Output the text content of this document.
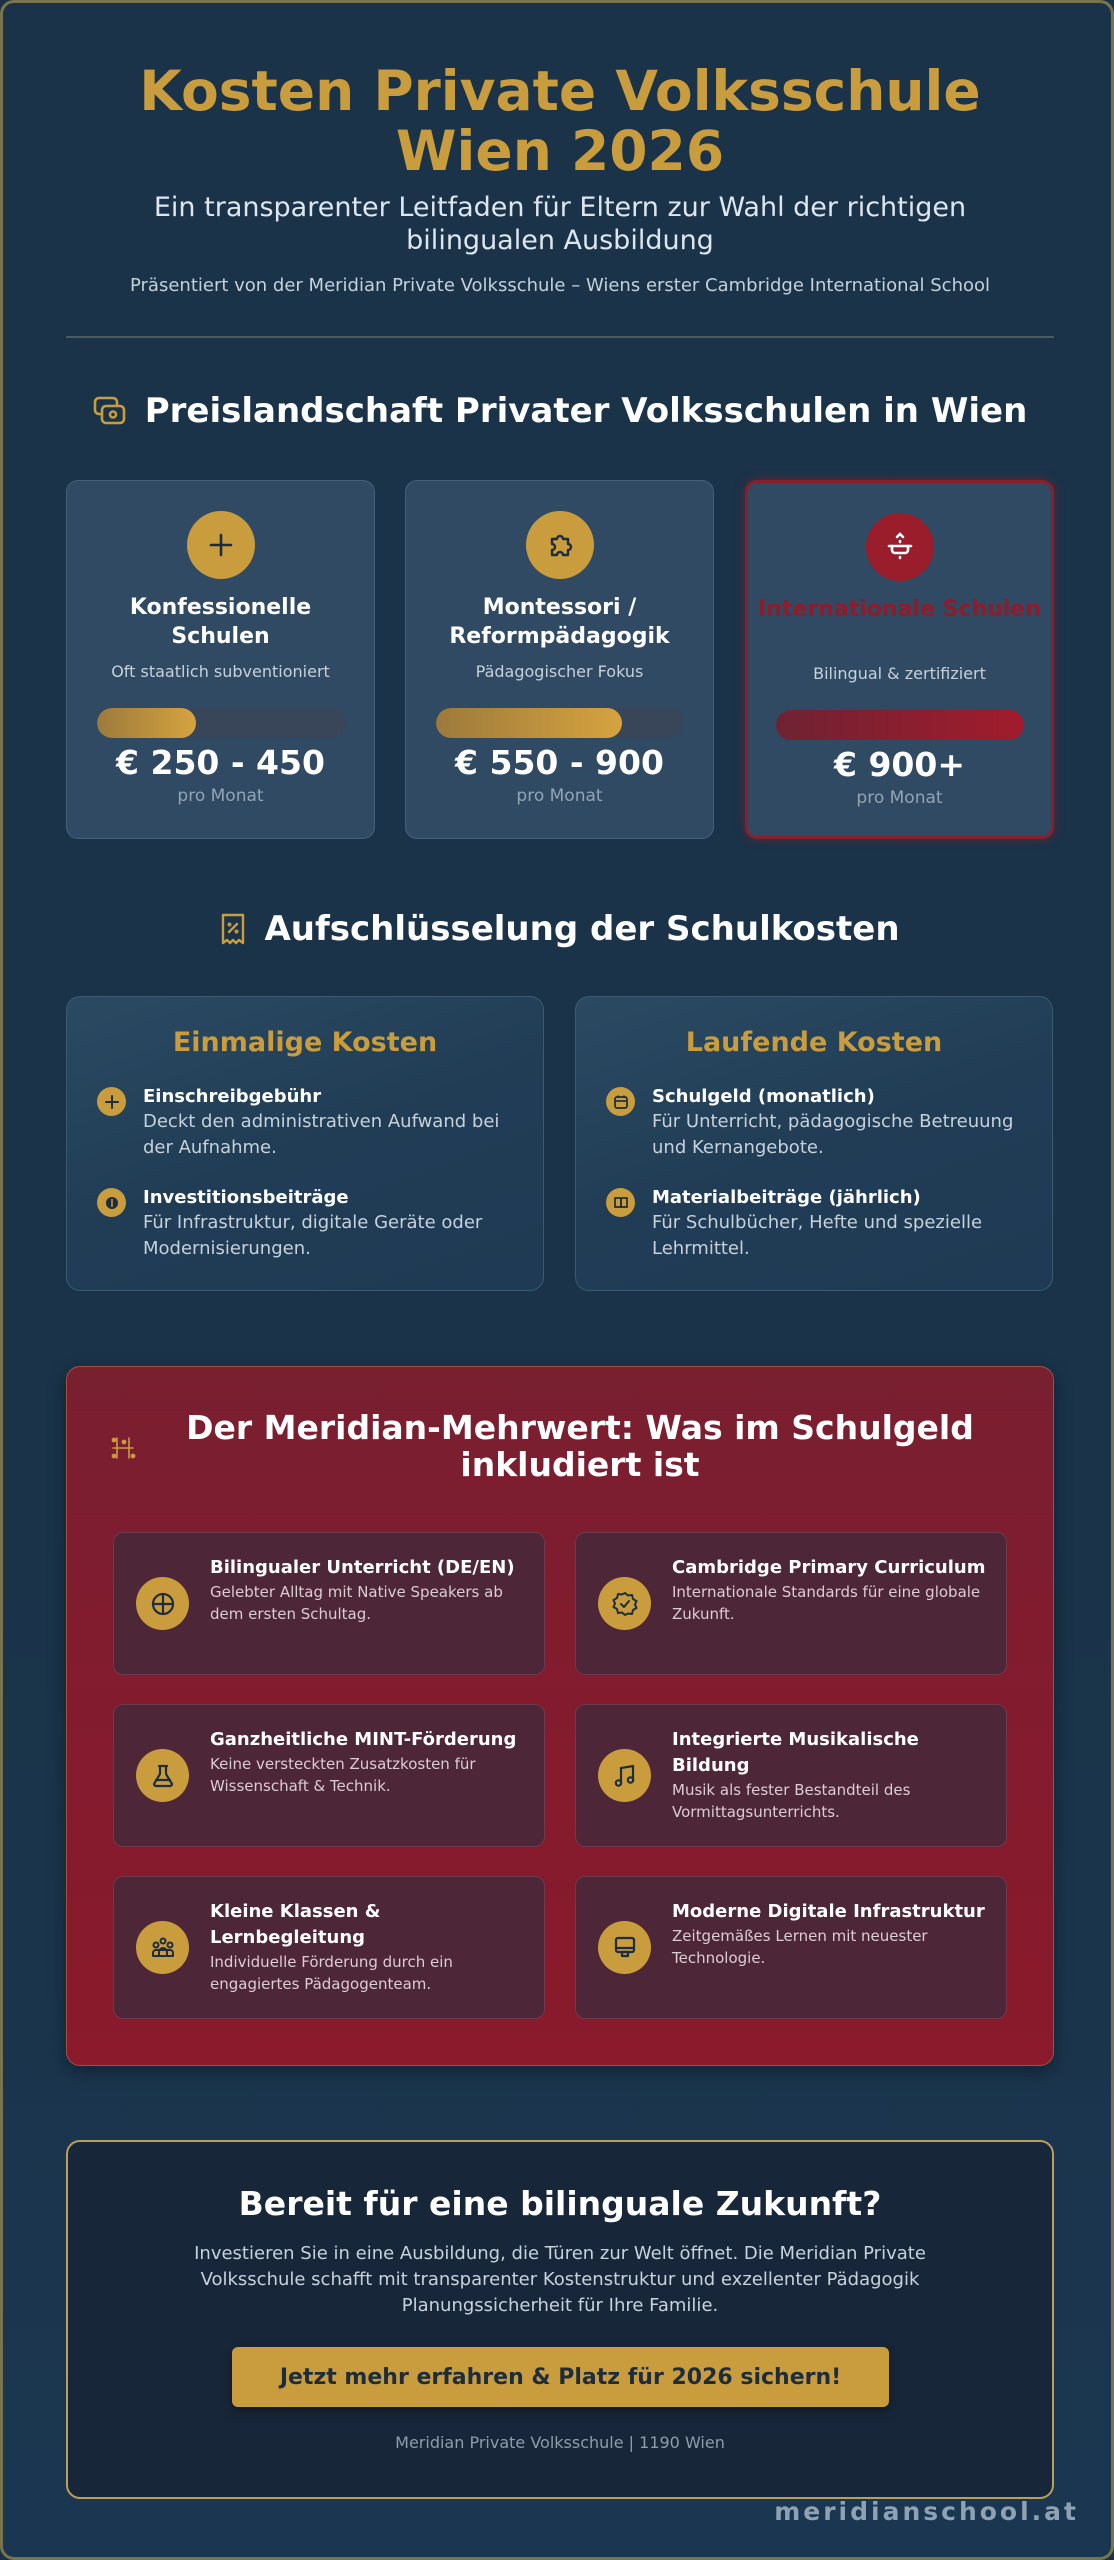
Kosten Private Volksschule Wien 2026

Ein transparenter Leitfaden für Eltern zur Wahl der richtigen bilingualen Ausbildung

Präsentiert von der Meridian Private Volksschule – Wiens erster Cambridge International School

Preislandschaft Privater Volksschulen in Wien
Konfessionelle Schulen
Oft staatlich subventioniert
€ 250 - 450
pro Monat
Montessori / Reformpädagogik
Pädagogischer Fokus
€ 550 - 900
pro Monat
Internationale Schulen
Bilingual & zertifiziert
€ 900+
pro Monat
Aufschlüsselung der Schulkosten
Einmalige Kosten
Einschreibgebühr
Deckt den administrativen Aufwand bei der Aufnahme.
Investitionsbeiträge
Für Infrastruktur, digitale Geräte oder Modernisierungen.
Laufende Kosten
Schulgeld (monatlich)
Für Unterricht, pädagogische Betreuung und Kernangebote.
Materialbeiträge (jährlich)
Für Schulbücher, Hefte und spezielle Lehrmittel.
Der Meridian-Mehrwert: Was im Schulgeld inkludiert ist
Bilingualer Unterricht (DE/EN)
Gelebter Alltag mit Native Speakers ab dem ersten Schultag.
Cambridge Primary Curriculum
Internationale Standards für eine globale Zukunft.
Ganzheitliche MINT-Förderung
Keine versteckten Zusatzkosten für Wissenschaft & Technik.
Integrierte Musikalische Bildung
Musik als fester Bestandteil des Vormittagsunterrichts.
Kleine Klassen & Lernbegleitung
Individuelle Förderung durch ein engagiertes Pädagogenteam.
Moderne Digitale Infrastruktur
Zeitgemäßes Lernen mit neuester Technologie.
Bereit für eine bilinguale Zukunft?
Investieren Sie in eine Ausbildung, die Türen zur Welt öffnet. Die Meridian Private Volksschule schafft mit transparenter Kostenstruktur und exzellenter Pädagogik Planungssicherheit für Ihre Familie.
Jetzt mehr erfahren & Platz für 2026 sichern!
Meridian Private Volksschule | 1190 Wien
meridianschool.at
